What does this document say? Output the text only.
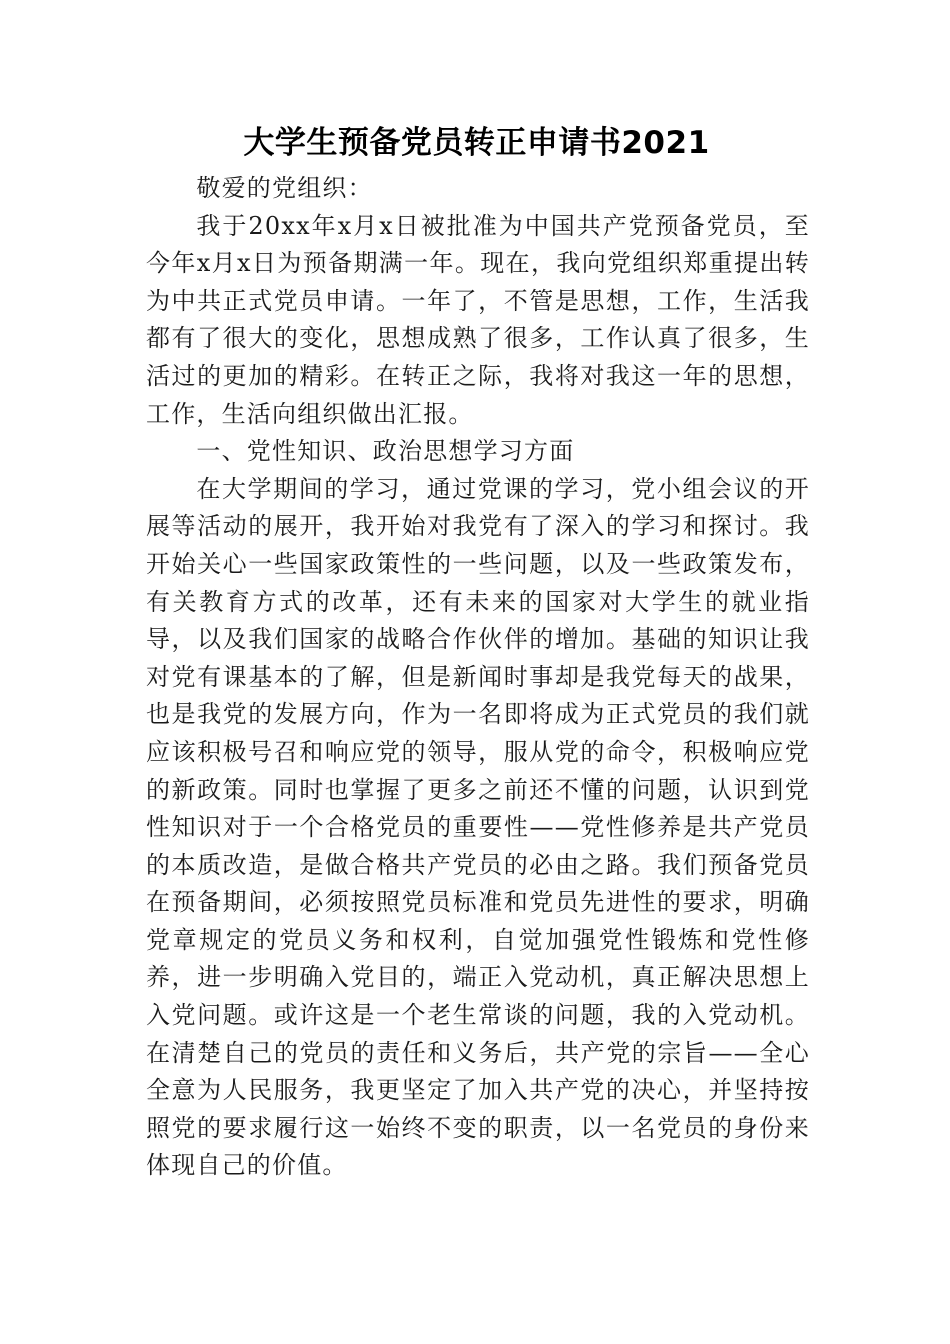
大学生预备党员转正申请书2021

敬爱的党组织：

我于20xx年x月x日被批准为中国共产党预备党员，至今年x月x日为预备期满一年。现在，我向党组织郑重提出转为中共正式党员申请。一年了，不管是思想，工作，生活我都有了很大的变化，思想成熟了很多，工作认真了很多，生活过的更加的精彩。在转正之际，我将对我这一年的思想，工作，生活向组织做出汇报。

一、党性知识、政治思想学习方面

在大学期间的学习，通过党课的学习，党小组会议的开展等活动的展开，我开始对我党有了深入的学习和探讨。我开始关心一些国家政策性的一些问题，以及一些政策发布，有关教育方式的改革，还有未来的国家对大学生的就业指导，以及我们国家的战略合作伙伴的增加。基础的知识让我对党有课基本的了解，但是新闻时事却是我党每天的战果，也是我党的发展方向，作为一名即将成为正式党员的我们就应该积极号召和响应党的领导，服从党的命令，积极响应党的新政策。同时也掌握了更多之前还不懂的问题，认识到党性知识对于一个合格党员的重要性——党性修养是共产党员的本质改造，是做合格共产党员的必由之路。我们预备党员在预备期间，必须按照党员标准和党员先进性的要求，明确党章规定的党员义务和权利，自觉加强党性锻炼和党性修养，进一步明确入党目的，端正入党动机，真正解决思想上入党问题。或许这是一个老生常谈的问题，我的入党动机。在清楚自己的党员的责任和义务后，共产党的宗旨——全心全意为人民服务，我更坚定了加入共产党的决心，并坚持按照党的要求履行这一始终不变的职责，以一名党员的身份来体现自己的价值。
